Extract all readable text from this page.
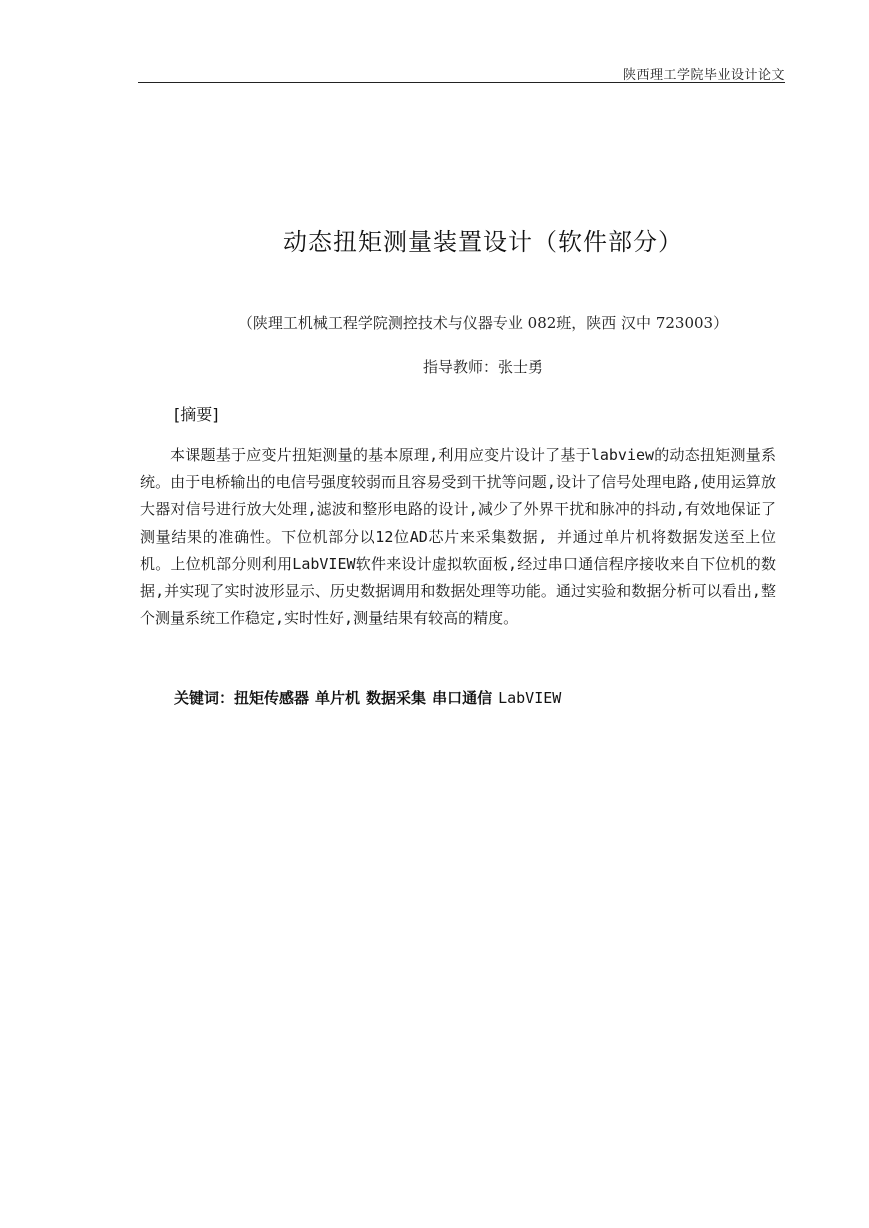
陕西理工学院毕业设计论文
动态扭矩测量装置设计（软件部分）
（陕理工机械工程学院测控技术与仪器专业 082班，陕西 汉中 723003）
指导教师：张士勇
[摘要]

本课题基于应变片扭矩测量的基本原理,利用应变片设计了基于labview的动态扭矩测量系统。由于电桥输出的电信号强度较弱而且容易受到干扰等问题,设计了信号处理电路,使用运算放大器对信号进行放大处理,滤波和整形电路的设计,减少了外界干扰和脉冲的抖动,有效地保证了测量结果的准确性。下位机部分以12位AD芯片来采集数据, 并通过单片机将数据发送至上位机。上位机部分则利用LabVIEW软件来设计虚拟软面板,经过串口通信程序接收来自下位机的数据,并实现了实时波形显示、历史数据调用和数据处理等功能。通过实验和数据分析可以看出,整个测量系统工作稳定,实时性好,测量结果有较高的精度。

关键词：扭矩传感器 单片机 数据采集 串口通信 LabVIEW
